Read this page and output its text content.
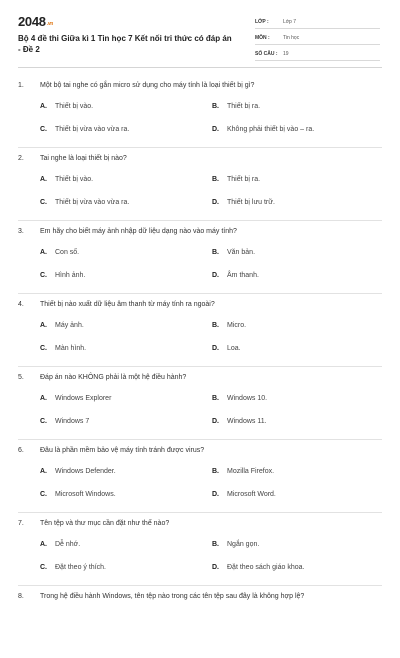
2048.vn
Bộ 4 đề thi Giữa kì 1 Tin học 7 Kết nối tri thức có đáp án - Đề 2
LỚP :	Lớp 7
MÔN :	Tin học
SỐ CÂU :	19
1. Một bộ tai nghe có gắn micro sử dụng cho máy tính là loại thiết bị gì?
A. Thiết bị vào.	B. Thiết bị ra.
C. Thiết bị vừa vào vừa ra.	D. Không phải thiết bị vào – ra.
2. Tai nghe là loại thiết bị nào?
A. Thiết bị vào.	B. Thiết bị ra.
C. Thiết bị vừa vào vừa ra.	D. Thiết bị lưu trữ.
3. Em hãy cho biết máy ảnh nhập dữ liệu dạng nào vào máy tính?
A. Con số.	B. Văn bản.
C. Hình ảnh.	D. Âm thanh.
4. Thiết bị nào xuất dữ liệu âm thanh từ máy tính ra ngoài?
A. Máy ảnh.	B. Micro.
C. Màn hình.	D. Loa.
5. Đáp án nào KHÔNG phải là một hệ điều hành?
A. Windows Explorer	B. Windows 10.
C. Windows 7	D. Windows 11.
6. Đâu là phần mềm bảo vệ máy tính tránh được virus?
A. Windows Defender.	B. Mozilla Firefox.
C. Microsoft Windows.	D. Microsoft Word.
7. Tên tệp và thư mục cần đặt như thế nào?
A. Dễ nhớ.	B. Ngắn gọn.
C. Đặt theo ý thích.	D. Đặt theo sách giáo khoa.
8. Trong hệ điều hành Windows, tên tệp nào trong các tên tệp sau đây là không hợp lệ?
